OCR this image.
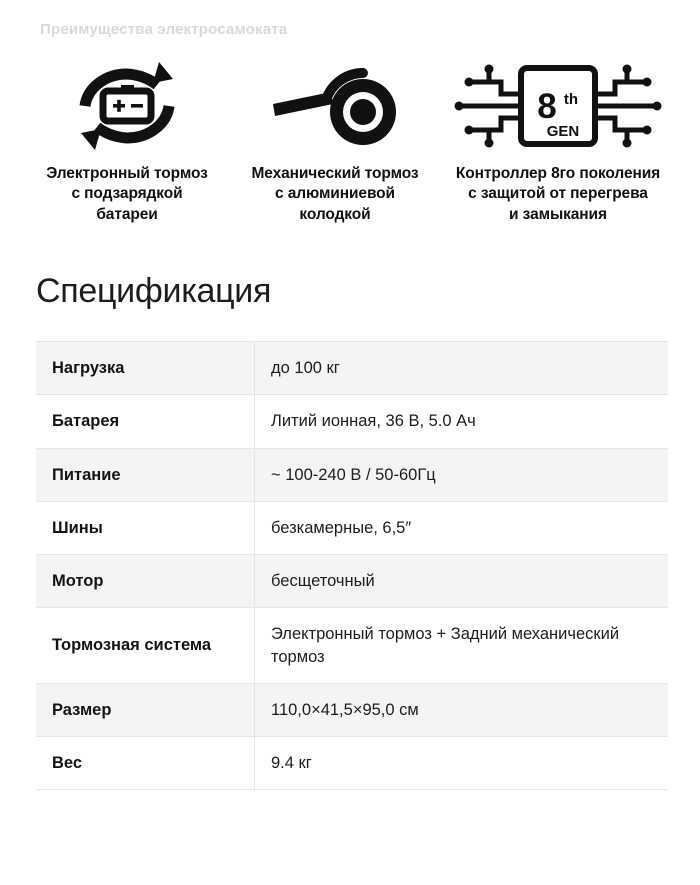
Преимущества электросамоката
Электронный тормоз
с подзарядкой
батареи
Механический тормоз
с алюминиевой
колодкой
8 th
GEN
Контроллер 8го поколения
с защитой от перегрева
и замыкания
Спецификация
Нагрузка	до 100 кг
Батарея	Литий ионная, 36 В, 5.0 Ач
Питание	~ 100-240 В / 50-60Гц
Шины	безкамерные, 6,5″
Мотор	бесщеточный
Тормозная система	Электронный тормоз + Задний механический тормоз
Размер	110,0×41,5×95,0 см
Вес	9.4 кг
